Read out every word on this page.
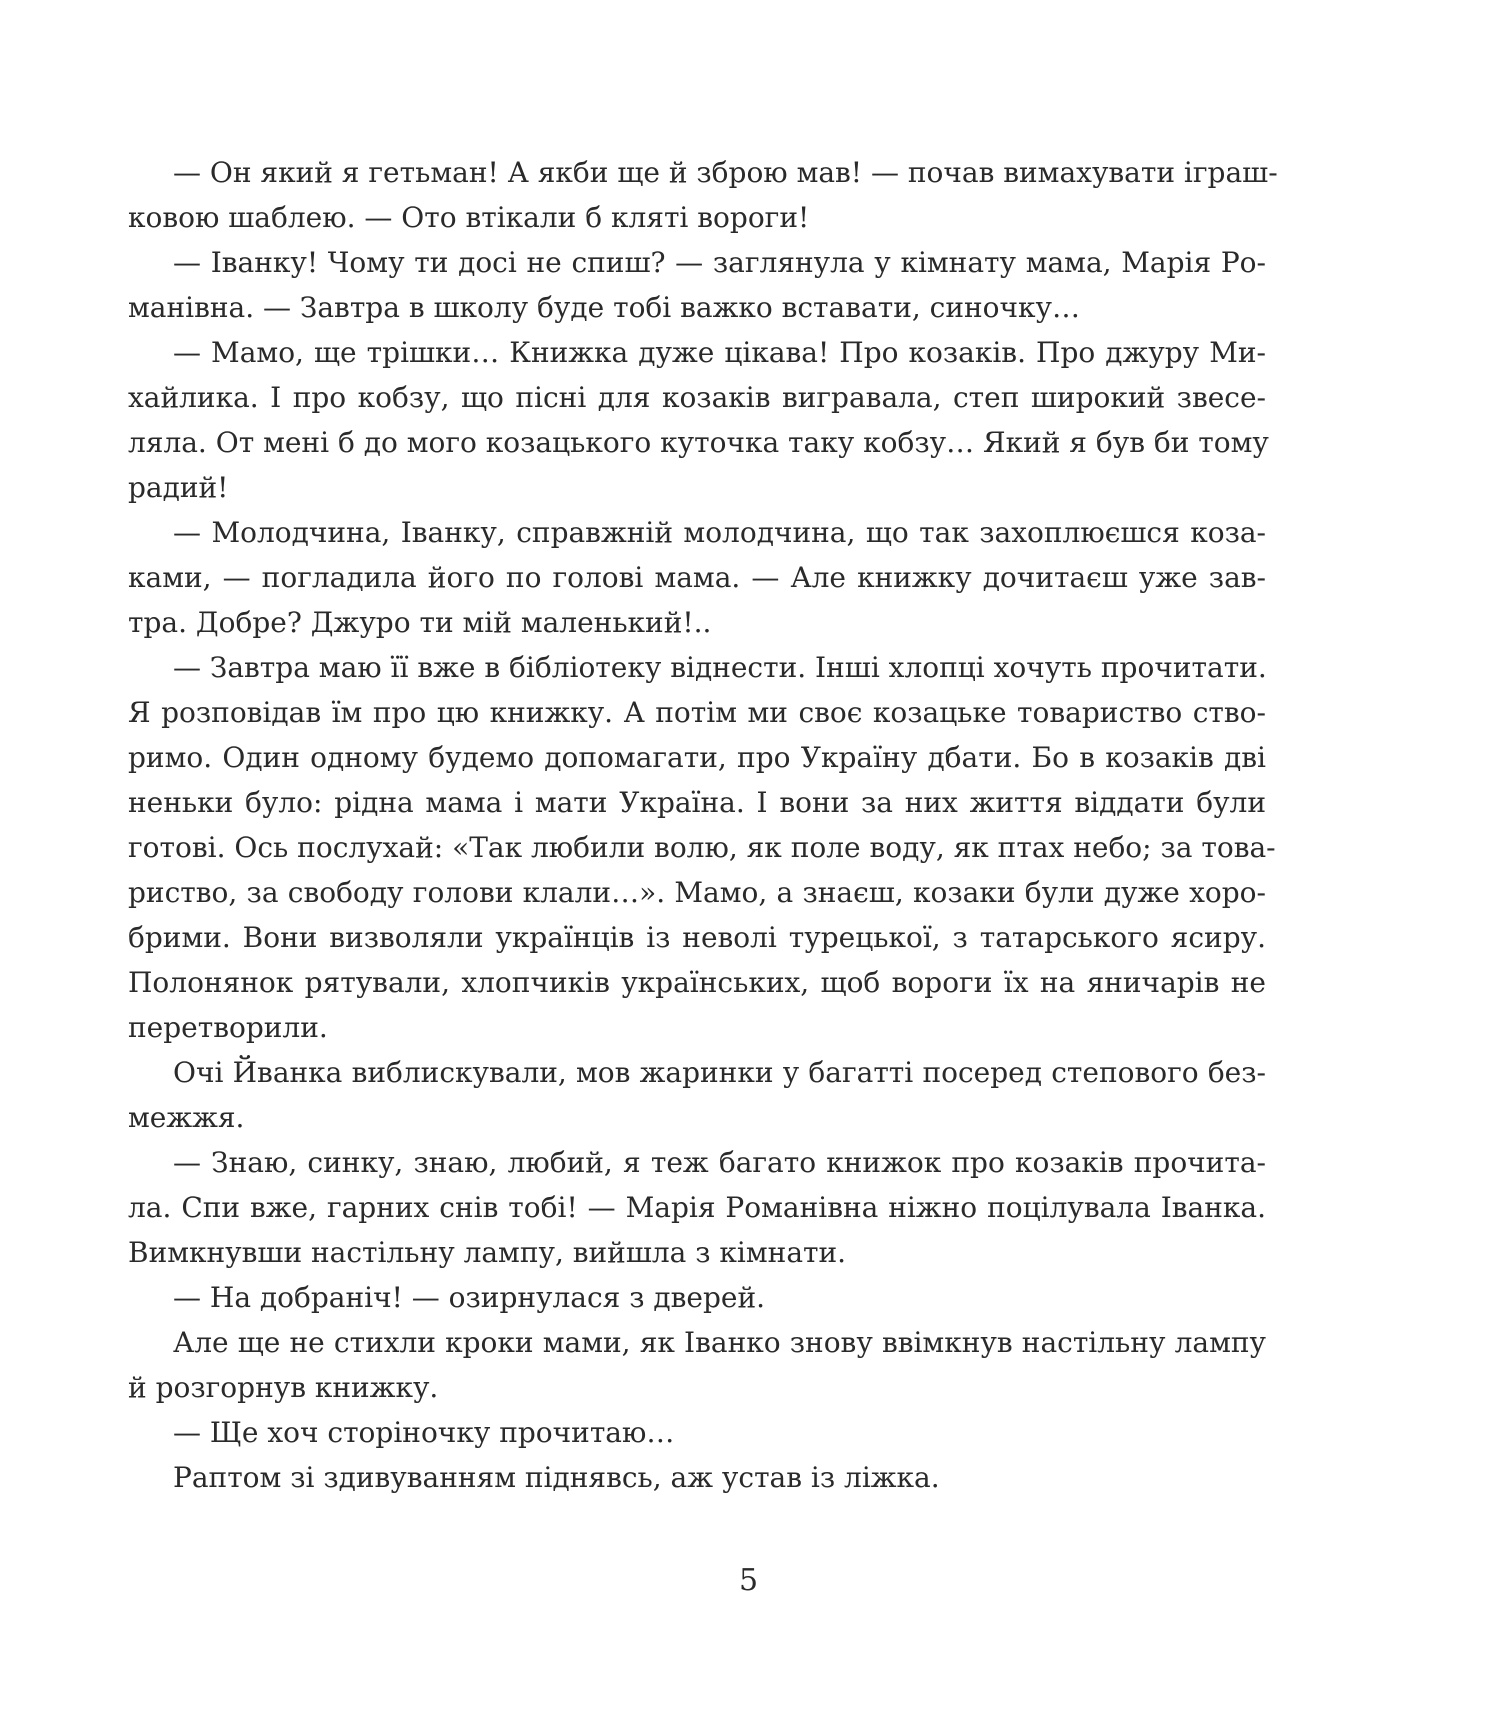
— Он який я гетьман! А якби ще й зброю мав! — почав вимахувати іграш-
ковою шаблею. — Ото втікали б кляті вороги!
— Іванку! Чому ти досі не спиш? — заглянула у кімнату мама, Марія Ро-
манівна. — Завтра в школу буде тобі важко вставати, синочку…
— Мамо, ще трішки… Книжка дуже цікава! Про козаків. Про джуру Ми-
хайлика. І про кобзу, що пісні для козаків вигравала, степ широкий звесе-
ляла. От мені б до мого козацького куточка таку кобзу… Який я був би тому
радий!
— Молодчина, Іванку, справжній молодчина, що так захоплюєшся коза-
ками, — погладила його по голові мама. — Але книжку дочитаєш уже зав-
тра. Добре? Джуро ти мій маленький!..
— Завтра маю її вже в бібліотеку віднести. Інші хлопці хочуть прочитати.
Я розповідав їм про цю книжку. А потім ми своє козацьке товариство ство-
римо. Один одному будемо допомагати, про Україну дбати. Бо в козаків дві
неньки було: рідна мама і мати Україна. І вони за них життя віддати були
готові. Ось послухай: «Так любили волю, як поле воду, як птах небо; за това-
риство, за свободу голови клали…». Мамо, а знаєш, козаки були дуже хоро-
брими. Вони визволяли українців із неволі турецької, з татарського ясиру.
Полонянок рятували, хлопчиків українських, щоб вороги їх на яничарів не
перетворили.
Очі Йванка виблискували, мов жаринки у багатті посеред степового без-
межжя.
— Знаю, синку, знаю, любий, я теж багато книжок про козаків прочита-
ла. Спи вже, гарних снів тобі! — Марія Романівна ніжно поцілувала Іванка.
Вимкнувши настільну лампу, вийшла з кімнати.
— На добраніч! — озирнулася з дверей.
Але ще не стихли кроки мами, як Іванко знову ввімкнув настільну лампу
й розгорнув книжку.
— Ще хоч сторіночку прочитаю…
Раптом зі здивуванням піднявсь, аж устав із ліжка.
5
